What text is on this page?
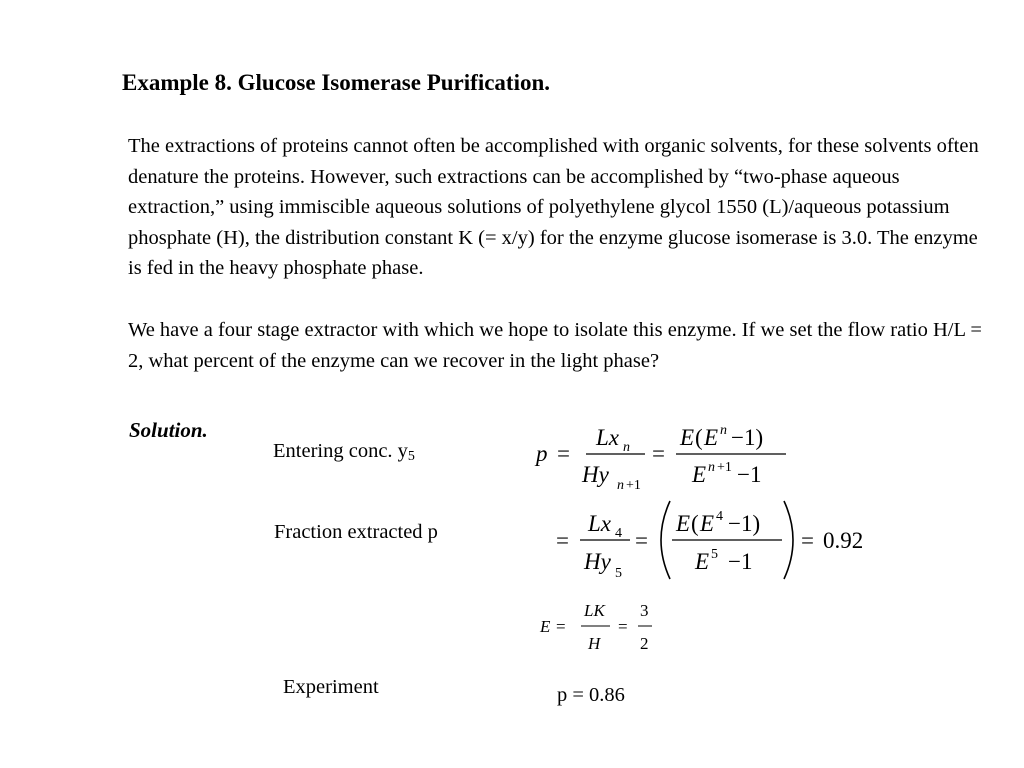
Example 8. Glucose Isomerase Purification.

The extractions of proteins cannot often be accomplished with organic solvents, for these solvents often denature the proteins. However, such extractions can be accomplished by “two-phase aqueous extraction,” using immiscible aqueous solutions of polyethylene glycol 1550 (L)/aqueous potassium phosphate (H), the distribution constant K (= x/y) for the enzyme glucose isomerase is 3.0. The enzyme is fed in the heavy phosphate phase.

We have a four stage extractor with which we hope to isolate this enzyme. If we set the flow ratio H/L = 2, what percent of the enzyme can we recover in the light phase?

Solution.
Entering conc. $y_5$
Fraction extracted p
Experiment
p =
Lx n
Hy n +1
=
E ( E n −1)
E n +1 −1
=
Lx 4
Hy 5
=
E ( E 4 −1)
E 5 −1
= 0.92
E =
LK
H
=
3
2
p = 0.86
